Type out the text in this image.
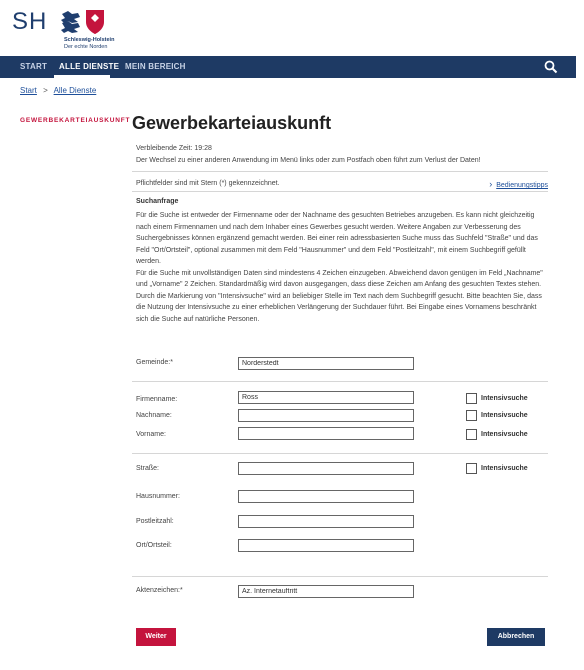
SH
Schleswig-Holstein
Der echte Norden
START ALLE DIENSTE MEIN BEREICH
Start > Alle Dienste
GEWERBEKARTEIAUSKUNFT Gewerbekarteiauskunft
Verbleibende Zeit: 19:28
Der Wechsel zu einer anderen Anwendung im Menü links oder zum Postfach oben führt zum Verlust der Daten!
Pflichtfelder sind mit Stern (*) gekennzeichnet.	› Bedienungstipps
Suchanfrage
Für die Suche ist entweder der Firmenname oder der Nachname des gesuchten Betriebes anzugeben. Es kann nicht gleichzeitig nach einem Firmennamen und nach dem Inhaber eines Gewerbes gesucht werden. Weitere Angaben zur Verbesserung des Suchergebnisses können ergänzend gemacht werden. Bei einer rein adressbasierten Suche muss das Suchfeld "Straße" und das Feld "Ort/Ortsteil", optional zusammen mit dem Feld "Hausnummer" und dem Feld "Postleitzahl", mit einem Suchbegriff gefüllt werden.
Für die Suche mit unvollständigen Daten sind mindestens 4 Zeichen einzugeben. Abweichend davon genügen im Feld „Nachname" und „Vorname" 2 Zeichen. Standardmäßig wird davon ausgegangen, dass diese Zeichen am Anfang des gesuchten Textes stehen. Durch die Markierung von "Intensivsuche" wird an beliebiger Stelle im Text nach dem Suchbegriff gesucht. Bitte beachten Sie, dass die Nutzung der Intensivsuche zu einer erheblichen Verlängerung der Suchdauer führt. Bei Eingabe eines Vornamens beschränkt sich die Suche auf natürliche Personen.
Gemeinde:*
Norderstedt
Firmenname:
Ross	Intensivsuche
Nachname:	Intensivsuche
Vorname:	Intensivsuche
Straße:	Intensivsuche
Hausnummer:
Postleitzahl:
Ort/Ortsteil:
Aktenzeichen:*
Az. Internetauftritt
Weiter	Abbrechen
